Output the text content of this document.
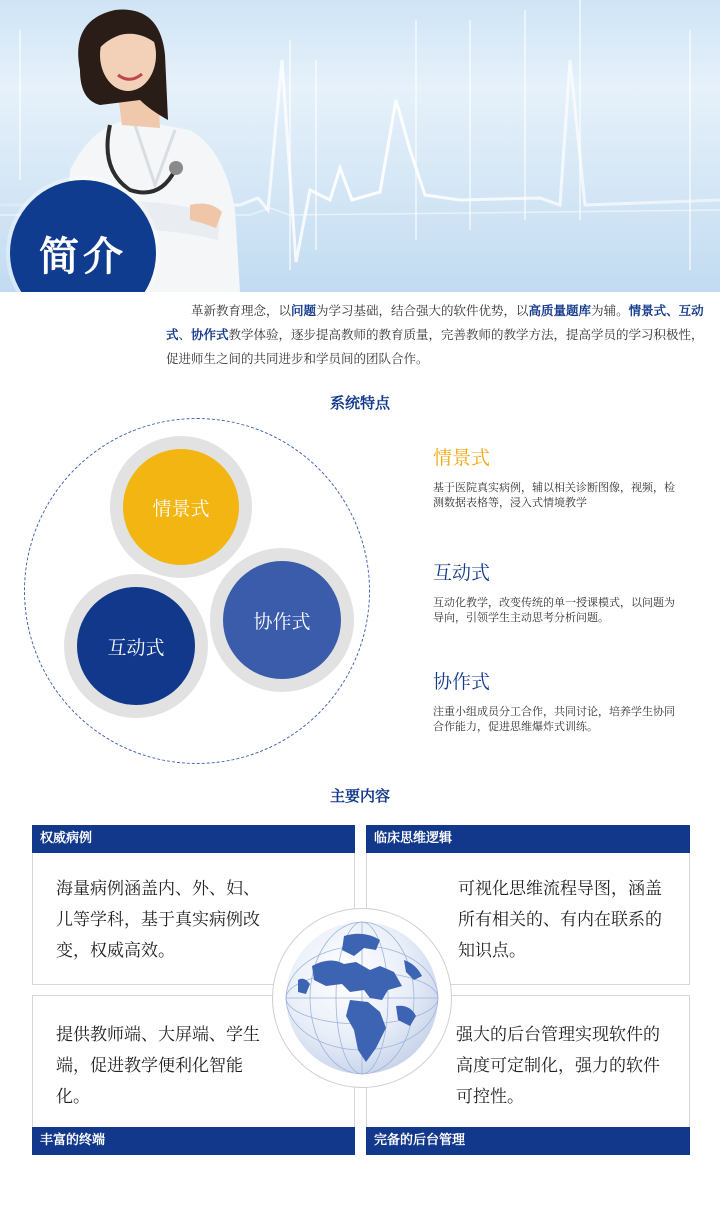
简介

革新教育理念，以问题为学习基础，结合强大的软件优势，以高质量题库为辅。情景式、互动式、协作式教学体验，逐步提高教师的教育质量，完善教师的教学方法，提高学员的学习积极性，促进师生之间的共同进步和学员间的团队合作。

系统特点
情景式
协作式
互动式
情景式

基于医院真实病例，辅以相关诊断图像，视频，检测数据表格等，浸入式情境教学

互动式

互动化教学，改变传统的单一授课模式，以问题为导向，引领学生主动思考分析问题。

协作式

注重小组成员分工合作，共同讨论，培养学生协同合作能力，促进思维爆炸式训练。

主要内容
权威病例
海量病例涵盖内、外、妇、儿等学科，基于真实病例改变，权威高效。
临床思维逻辑
可视化思维流程导图，涵盖所有相关的、有内在联系的知识点。
提供教师端、大屏端、学生端，促进教学便利化智能化。
丰富的终端
强大的后台管理实现软件的高度可定制化，强力的软件可控性。
完备的后台管理
